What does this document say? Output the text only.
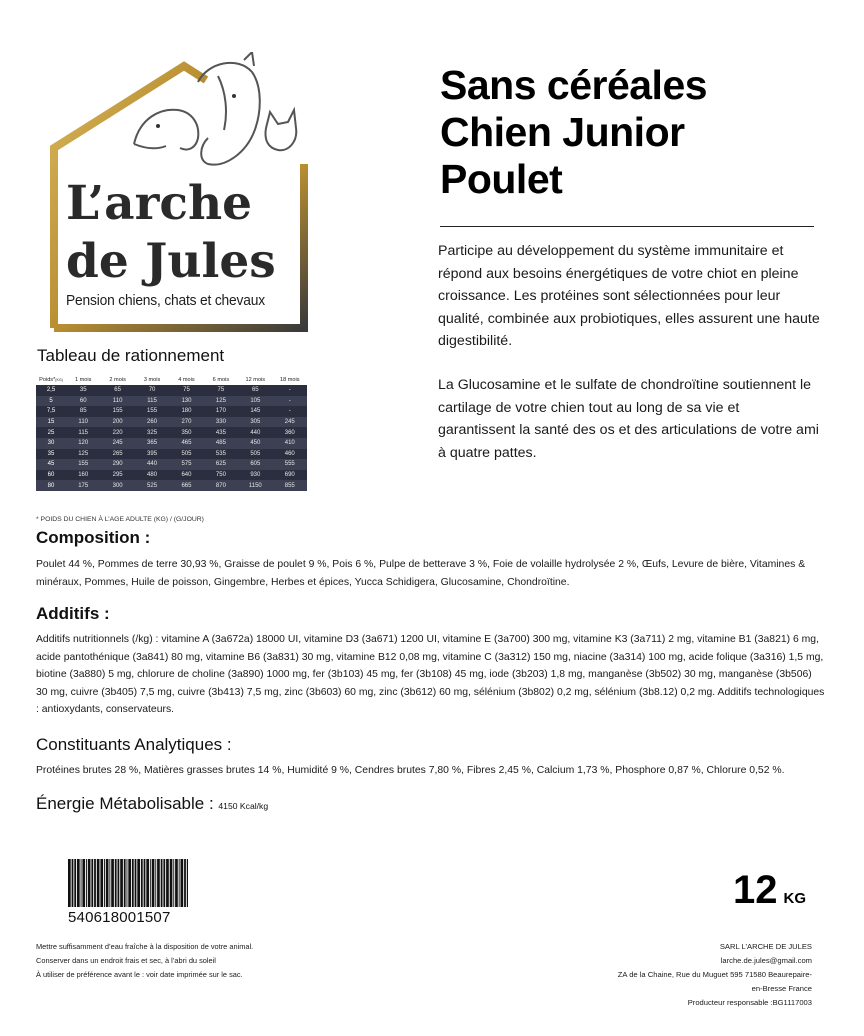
L’arche
de Jules
Pension chiens, chats et chevaux
Sans céréales
Chien Junior
Poulet

Participe au développement du système immunitaire et répond aux besoins énergétiques de votre chiot en pleine croissance. Les protéines sont sélectionnées pour leur qualité, combinée aux probiotiques, elles assurent une haute digestibilité.

La Glucosamine et le sulfate de chondroïtine soutiennent le cartilage de votre chien tout au long de sa vie et garantissent la santé des os et des articulations de votre ami à quatre pattes.

Tableau de rationnement
Poids*(KG)	1 mois	2 mois	3 mois	4 mois	6 mois	12 mois	18 mois
2,5	35	65	70	75	75	65	-
5	60	110	115	130	125	105	-
7,5	85	155	155	180	170	145	-
15	110	200	260	270	330	305	245
25	115	220	325	350	435	440	360
30	120	245	365	465	485	450	410
35	125	265	395	505	535	505	460
45	155	290	440	575	625	605	555
60	160	295	480	640	750	930	690
80	175	300	525	665	870	1150	855
* POIDS DU CHIEN À L’AGE ADULTE (KG) / (G/JOUR)
Composition :

Poulet 44 %, Pommes de terre 30,93 %, Graisse de poulet 9 %, Pois 6 %, Pulpe de betterave 3 %, Foie de volaille hydrolysée 2 %, Œufs, Levure de bière, Vitamines & minéraux, Pommes, Huile de poisson, Gingembre, Herbes et épices, Yucca Schidigera, Glucosamine, Chondroïtine.

Additifs :

Additifs nutritionnels (/kg) : vitamine A (3a672a) 18000 UI, vitamine D3 (3a671) 1200 UI, vitamine E (3a700) 300 mg, vitamine K3 (3a711) 2 mg, vitamine B1 (3a821) 6 mg, acide pantothénique (3a841) 80 mg, vitamine B6 (3a831) 30 mg, vitamine B12 0,08 mg, vitamine C (3a312) 150 mg, niacine (3a314) 100 mg, acide folique (3a316) 1,5 mg, biotine (3a880) 5 mg, chlorure de choline (3a890) 1000 mg, fer (3b103) 45 mg, fer (3b108) 45 mg, iode (3b203) 1,8 mg, manganèse (3b502) 30 mg, manganèse (3b506) 30 mg, cuivre (3b405) 7,5 mg, cuivre (3b413) 7,5 mg, zinc (3b603) 60 mg, zinc (3b612) 60 mg, sélénium (3b802) 0,2 mg, sélénium (3b8.12) 0,2 mg. Additifs technologiques : antioxydants, conservateurs.

Constituants Analytiques :

Protéines brutes 28 %, Matières grasses brutes 14 %, Humidité 9 %, Cendres brutes 7,80 %, Fibres 2,45 %, Calcium 1,73 %, Phosphore 0,87 %, Chlorure 0,52 %.

Énergie Métabolisable : 4150 Kcal/kg
540618001507
12 KG
Mettre suffisamment d’eau fraîche à la disposition de votre animal.
Conserver dans un endroit frais et sec, à l’abri du soleil
À utiliser de préférence avant le : voir date imprimée sur le sac.
SARL L’ARCHE DE JULES
larche.de.jules@gmail.com
ZA de la Chaine, Rue du Muguet 595 71580 Beaurepaire-
en-Bresse France
Producteur responsable :BG1117003
